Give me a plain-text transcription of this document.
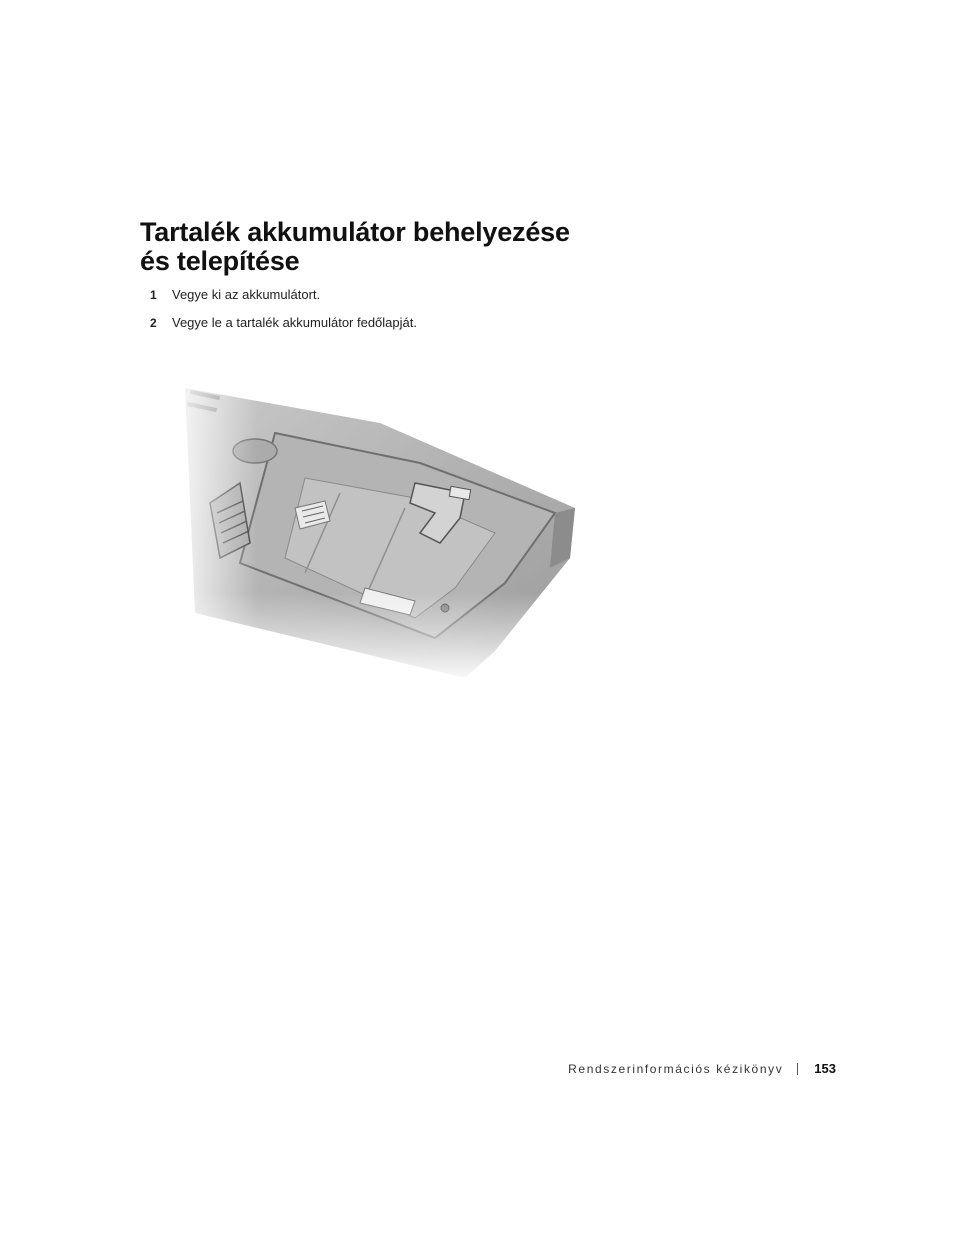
Tartalék akkumulátor behelyezése
és telepítése
1 Vegye ki az akkumulátort.
2 Vegye le a tartalék akkumulátor fedőlapját.
Rendszerinformációs kézikönyv 153
